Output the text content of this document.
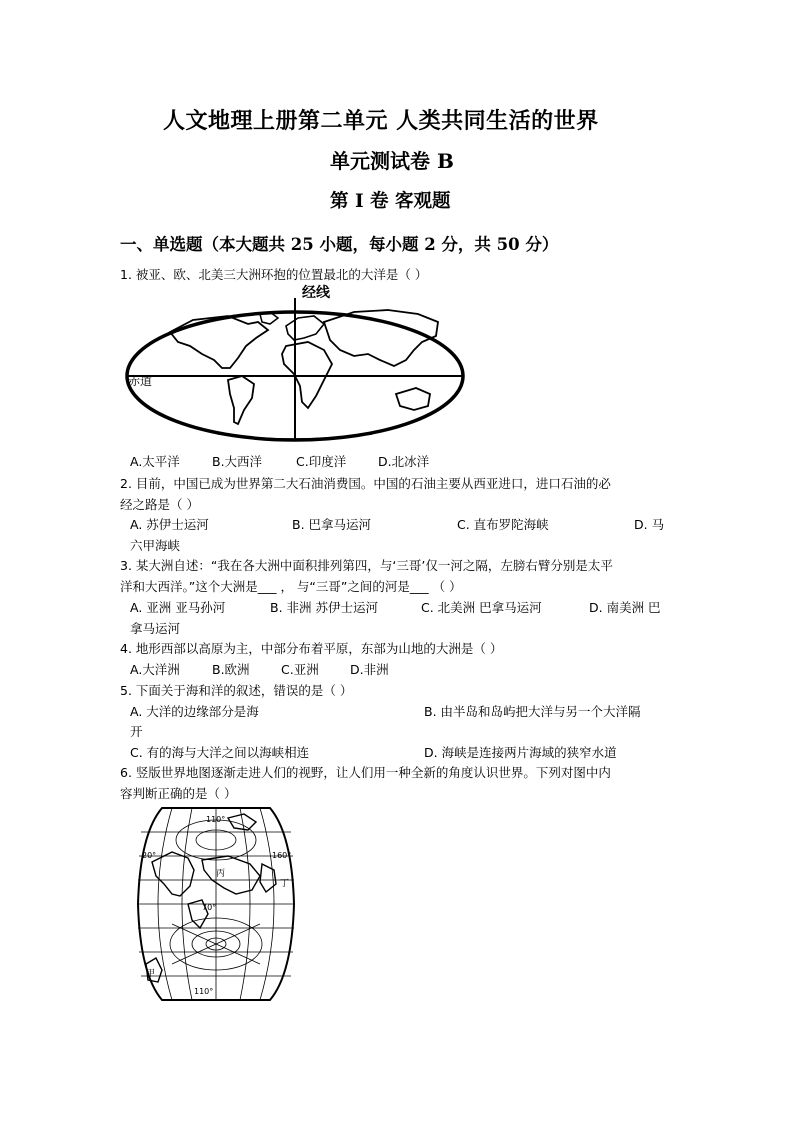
人文地理上册第二单元 人类共同生活的世界
单元测试卷 B
第 I 卷 客观题
一、单选题（本大题共 25 小题，每小题 2 分，共 50 分）
1. 被亚、欧、北美三大洲环抱的位置最北的大洋是（ ）
经线
赤道
A.太平洋	B.大西洋	C.印度洋	D.北冰洋
2. 目前，中国已成为世界第二大石油消费国。中国的石油主要从西亚进口，进口石油的必
经之路是（ ）
A. 苏伊士运河	B. 巴拿马运河	C. 直布罗陀海峡	D. 马
六甲海峡
3. 某大洲自述：“我在各大洲中面积排列第四，与‘三哥’仅一河之隔，左膀右臂分别是太平
洋和大西洋。”这个大洲是___ ， 与“三哥”之间的河是___ （ ）
A. 亚洲 亚马孙河	B. 非洲 苏伊士运河	C. 北美洲 巴拿马运河	D. 南美洲 巴
拿马运河
4. 地形西部以高原为主，中部分布着平原，东部为山地的大洲是（ ）
A.大洋洲	B.欧洲	C.亚洲	D.非洲
5. 下面关于海和洋的叙述，错误的是（ ）
A. 大洋的边缘部分是海	B. 由半岛和岛屿把大洋与另一个大洋隔
开
C. 有的海与大洋之间以海峡相连	D. 海峡是连接两片海域的狭窄水道
6. 竖版世界地图逐渐走进人们的视野，让人们用一种全新的角度认识世界。下列对图中内
容判断正确的是（ ）
110°
20°	160°
70°
110°
丙
丁
甲
